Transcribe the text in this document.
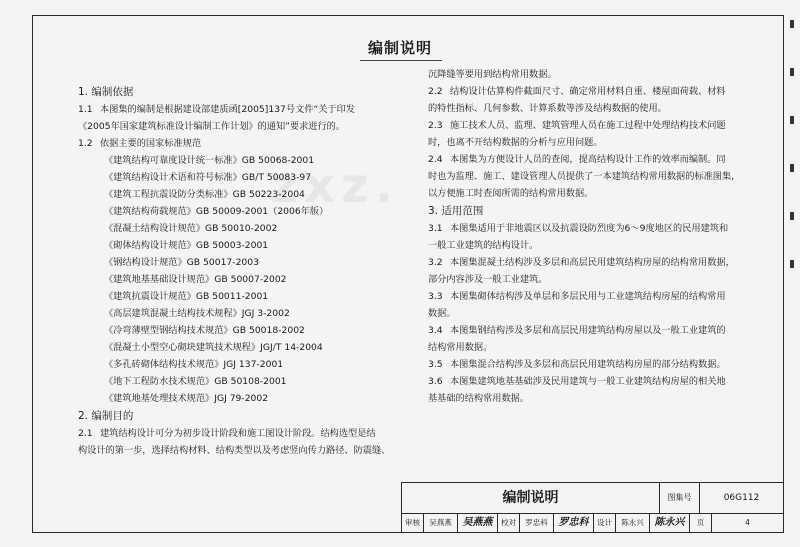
zxz.
编制说明
1. 编制依据
1.1 本图集的编制是根据建设部建质函[2005]137号文件“关于印发
《2005年国家建筑标准设计编制工作计划》的通知”要求进行的。
1.2 依据主要的国家标准规范
《建筑结构可靠度设计统一标准》GB 50068-2001
《建筑结构设计术语和符号标准》GB/T 50083-97
《建筑工程抗震设防分类标准》GB 50223-2004
《建筑结构荷载规范》GB 50009-2001（2006年版）
《混凝土结构设计规范》GB 50010-2002
《砌体结构设计规范》GB 50003-2001
《钢结构设计规范》GB 50017-2003
《建筑地基基础设计规范》GB 50007-2002
《建筑抗震设计规范》GB 50011-2001
《高层建筑混凝土结构技术规程》JGJ 3-2002
《冷弯薄壁型钢结构技术规范》GB 50018-2002
《混凝土小型空心砌块建筑技术规程》JGJ/T 14-2004
《多孔砖砌体结构技术规范》JGJ 137-2001
《地下工程防水技术规范》GB 50108-2001
《建筑地基处理技术规范》JGJ 79-2002
2. 编制目的
2.1 建筑结构设计可分为初步设计阶段和施工图设计阶段。结构选型是结
构设计的第一步，选择结构材料、结构类型以及考虑竖向传力路径、防震缝、
沉降缝等要用到结构常用数据。
2.2 结构设计估算构件截面尺寸、确定常用材料自重、楼屋面荷载、材料
的特性指标、几何参数、计算系数等涉及结构数据的使用。
2.3 施工技术人员、监理、建筑管理人员在施工过程中处理结构技术问题
时，也离不开结构数据的分析与应用问题。
2.4 本图集为方便设计人员的查阅，提高结构设计工作的效率而编制。同
时也为监理、施工、建设管理人员提供了一本建筑结构常用数据的标准图集，
以方便施工时查阅所需的结构常用数据。
3. 适用范围
3.1 本图集适用于非地震区以及抗震设防烈度为6～9度地区的民用建筑和
一般工业建筑的结构设计。
3.2 本图集混凝土结构涉及多层和高层民用建筑结构房屋的结构常用数据，
部分内容涉及一般工业建筑。
3.3 本图集砌体结构涉及单层和多层民用与工业建筑结构房屋的结构常用
数据。
3.4 本图集钢结构涉及多层和高层民用建筑结构房屋以及一般工业建筑的
结构常用数据。
3.5 本图集混合结构涉及多层和高层民用建筑结构房屋的部分结构数据。
3.6 本图集建筑地基基础涉及民用建筑与一般工业建筑结构房屋的相关地
基基础的结构常用数据。
编制说明	图集号	06G112
审核	吴燕燕	吴燕燕	校对	罗忠科	罗忠科	设计	陈永兴	陈永兴	页	4
